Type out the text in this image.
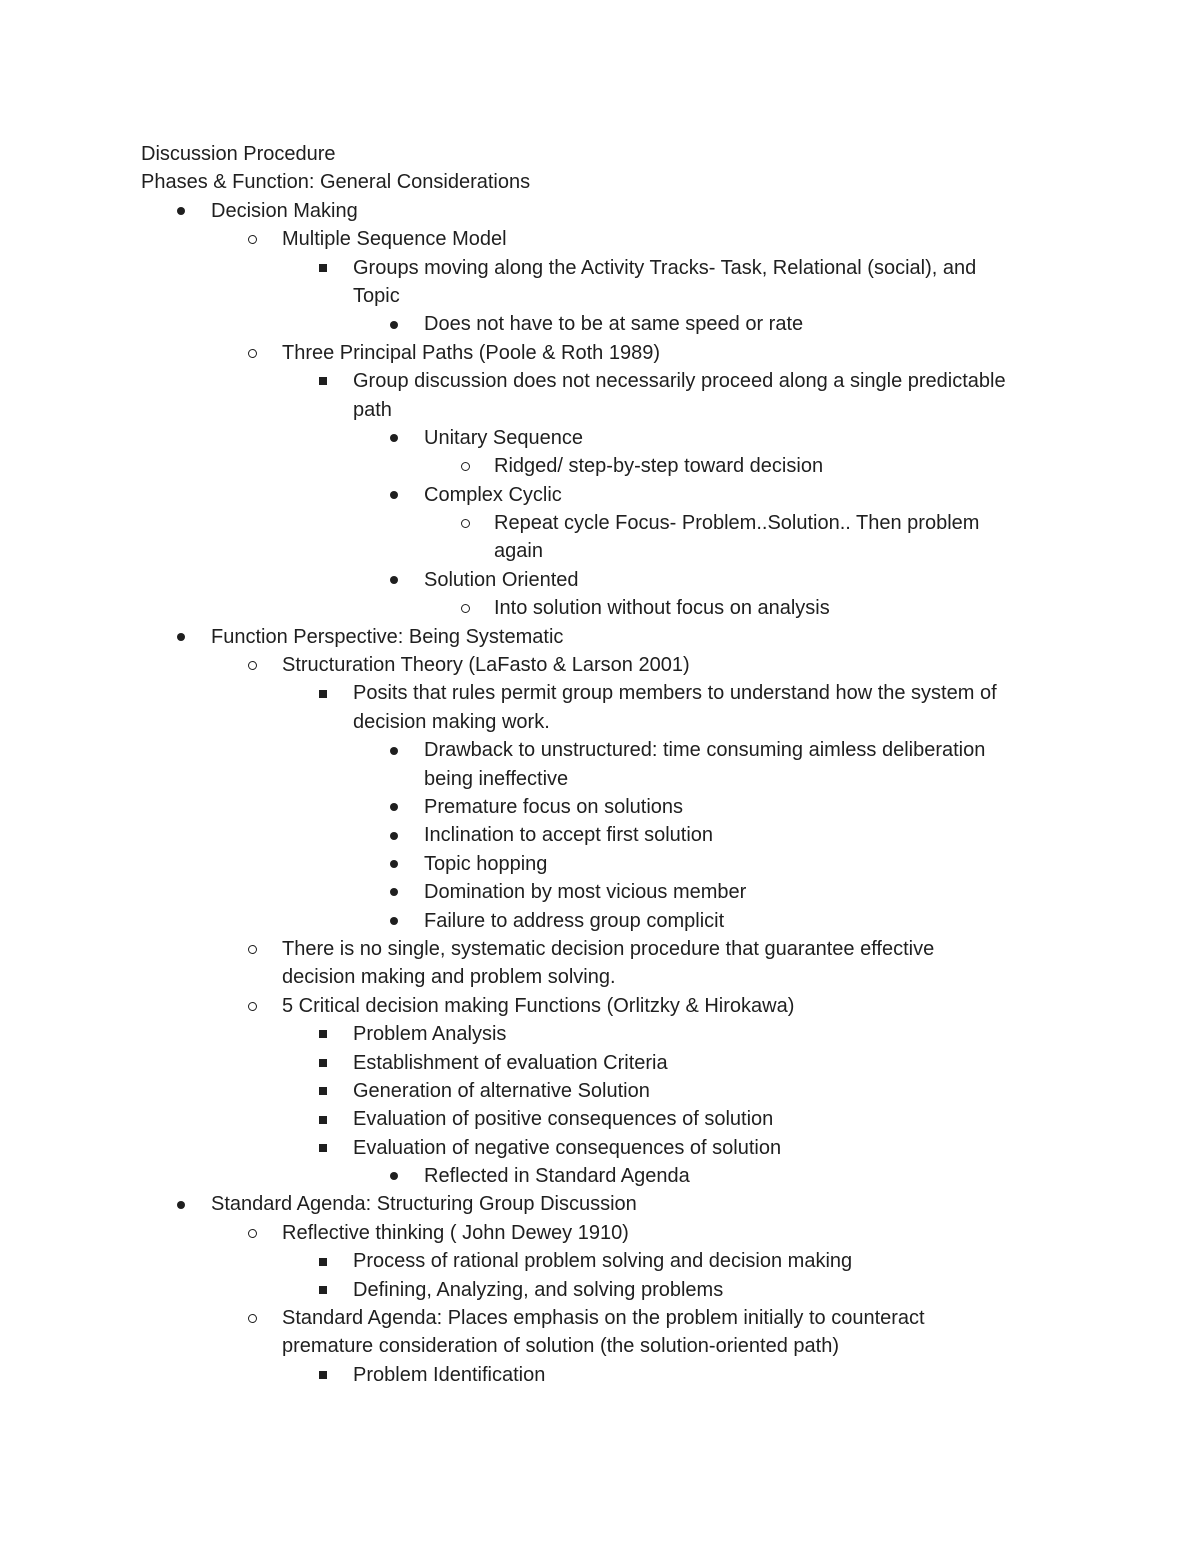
Discussion Procedure
Phases & Function: General Considerations
Decision Making
Multiple Sequence Model
Groups moving along the Activity Tracks- Task, Relational (social), and
Topic
Does not have to be at same speed or rate
Three Principal Paths (Poole & Roth 1989)
Group discussion does not necessarily proceed along a single predictable
path
Unitary Sequence
Ridged/ step-by-step toward decision
Complex Cyclic
Repeat cycle Focus- Problem..Solution.. Then problem
again
Solution Oriented
Into solution without focus on analysis
Function Perspective: Being Systematic
Structuration Theory (LaFasto & Larson 2001)
Posits that rules permit group members to understand how the system of
decision making work.
Drawback to unstructured: time consuming aimless deliberation
being ineffective
Premature focus on solutions
Inclination to accept first solution
Topic hopping
Domination by most vicious member
Failure to address group complicit
There is no single, systematic decision procedure that guarantee effective
decision making and problem solving.
5 Critical decision making Functions (Orlitzky & Hirokawa)
Problem Analysis
Establishment of evaluation Criteria
Generation of alternative Solution
Evaluation of positive consequences of solution
Evaluation of negative consequences of solution
Reflected in Standard Agenda
Standard Agenda: Structuring Group Discussion
Reflective thinking ( John Dewey 1910)
Process of rational problem solving and decision making
Defining, Analyzing, and solving problems
Standard Agenda: Places emphasis on the problem initially to counteract
premature consideration of solution (the solution-oriented path)
Problem Identification
